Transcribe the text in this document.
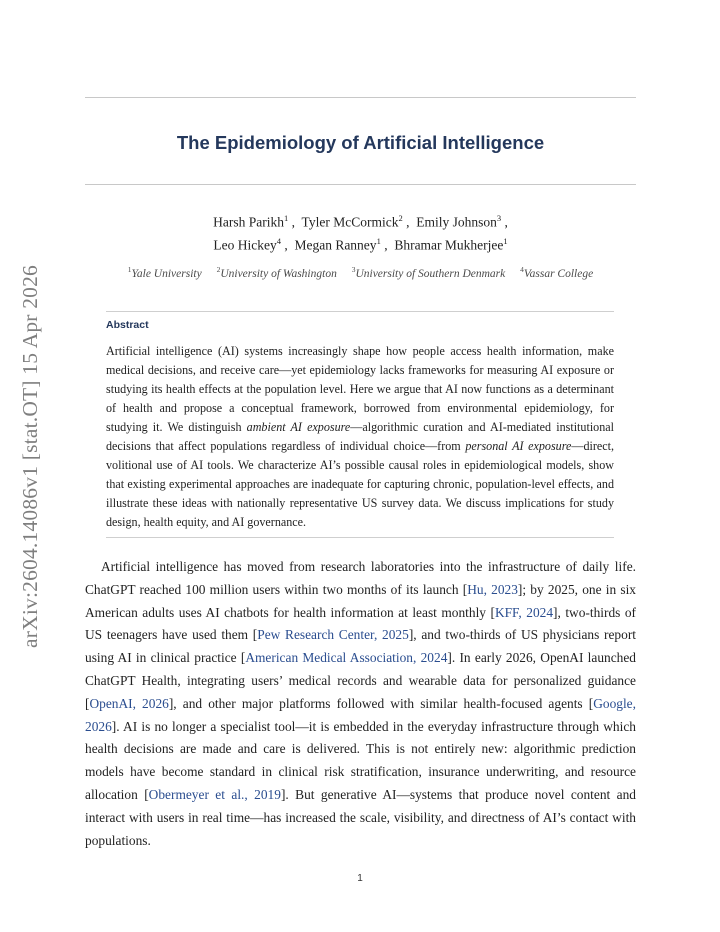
arXiv:2604.14086v1 [stat.OT] 15 Apr 2026
The Epidemiology of Artificial Intelligence
Harsh Parikh$^1$ ,  Tyler McCormick$^2$ ,  Emily Johnson$^3$ ,
Leo Hickey$^4$ ,  Megan Ranney$^1$ ,  Bhramar Mukherjee$^1$
$^1$Yale University $^2$University of Washington $^3$University of Southern Denmark $^4$Vassar College
Abstract
Artificial intelligence (AI) systems increasingly shape how people access health information, make medical decisions, and receive care—yet epidemiology lacks frameworks for measuring AI exposure or studying its health effects at the population level. Here we argue that AI now functions as a determinant of health and propose a conceptual framework, borrowed from environmental epidemiology, for studying it. We distinguish ambient AI exposure—algorithmic curation and AI-mediated institutional decisions that affect populations regardless of individual choice—from personal AI exposure—direct, volitional use of AI tools. We characterize AI’s possible causal roles in epidemiological models, show that existing experimental approaches are inadequate for capturing chronic, population-level effects, and illustrate these ideas with nationally representative US survey data. We discuss implications for study design, health equity, and AI governance.
Artificial intelligence has moved from research laboratories into the infrastructure of daily life. ChatGPT reached 100 million users within two months of its launch [Hu, 2023]; by 2025, one in six American adults uses AI chatbots for health information at least monthly [KFF, 2024], two-thirds of US teenagers have used them [Pew Research Center, 2025], and two-thirds of US physicians report using AI in clinical practice [American Medical Association, 2024]. In early 2026, OpenAI launched ChatGPT Health, integrating users’ medical records and wearable data for personalized guidance [OpenAI, 2026], and other major platforms followed with similar health-focused agents [Google, 2026]. AI is no longer a specialist tool—it is embedded in the everyday infrastructure through which health decisions are made and care is delivered. This is not entirely new: algorithmic prediction models have become standard in clinical risk stratification, insurance underwriting, and resource allocation [Obermeyer et al., 2019]. But generative AI—systems that produce novel content and interact with users in real time—has increased the scale, visibility, and directness of AI’s contact with populations.
1
